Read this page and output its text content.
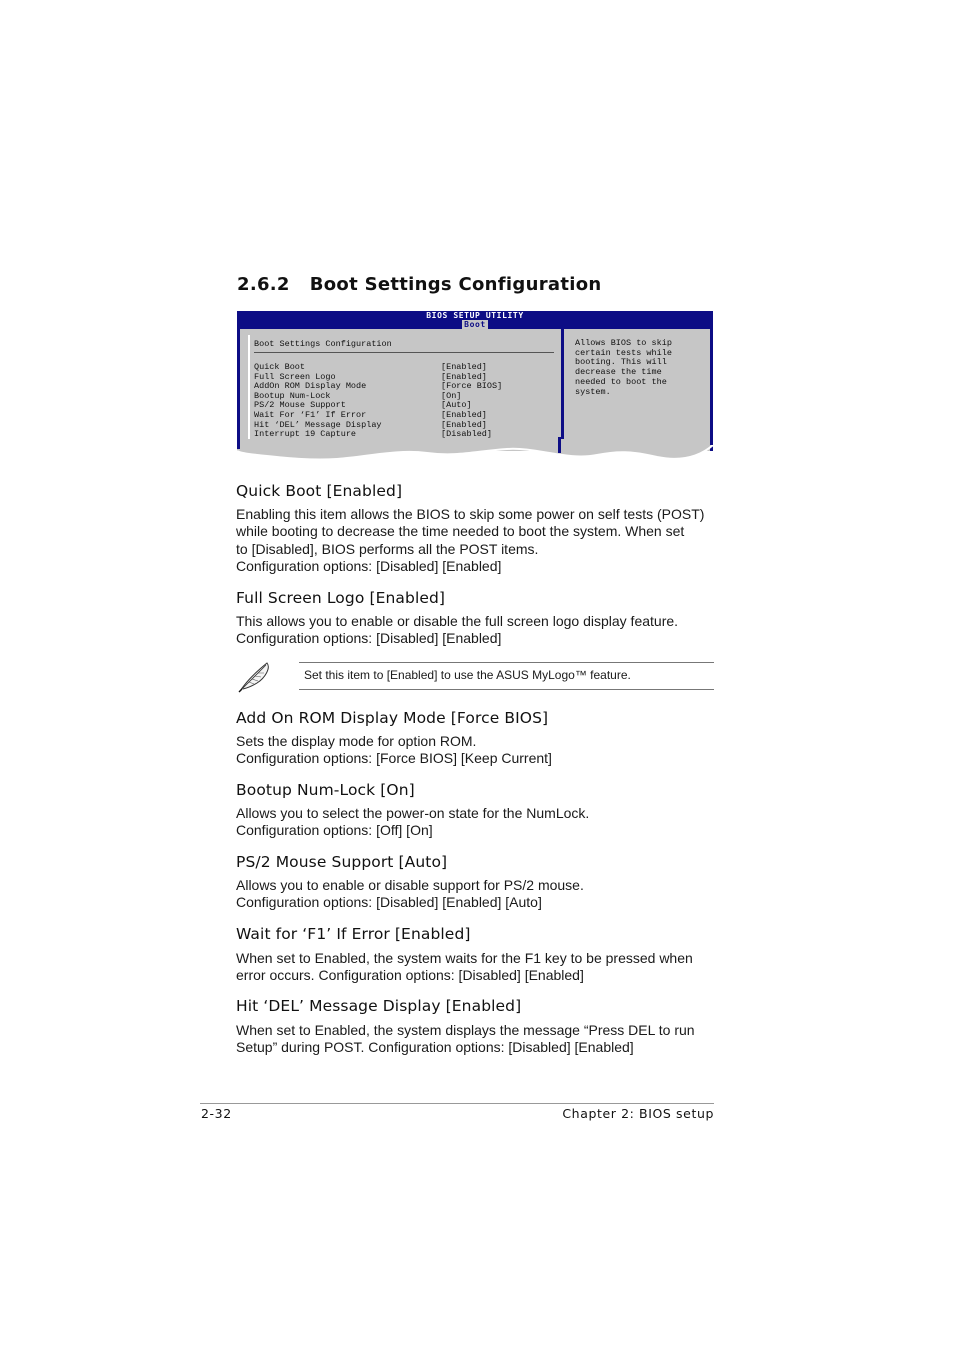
2.6.2 Boot Settings Configuration
BIOS SETUP UTILITY
Boot
Boot Settings Configuration
Quick Boot	[Enabled]
Full Screen Logo	[Enabled]
AddOn ROM Display Mode	[Force BIOS]
Bootup Num-Lock	[On]
PS/2 Mouse Support	[Auto]
Wait For ‘F1’ If Error	[Enabled]
Hit ‘DEL’ Message Display	[Enabled]
Interrupt 19 Capture	[Disabled]
Allows BIOS to skip
certain tests while
booting. This will
decrease the time
needed to boot the
system.
Quick Boot [Enabled]
Enabling this item allows the BIOS to skip some power on self tests (POST)
while booting to decrease the time needed to boot the system. When set
to [Disabled], BIOS performs all the POST items.
Configuration options: [Disabled] [Enabled]
Full Screen Logo [Enabled]
This allows you to enable or disable the full screen logo display feature.
Configuration options: [Disabled] [Enabled]
Set this item to [Enabled] to use the ASUS MyLogo™ feature.
Add On ROM Display Mode [Force BIOS]
Sets the display mode for option ROM.
Configuration options: [Force BIOS] [Keep Current]
Bootup Num-Lock [On]
Allows you to select the power-on state for the NumLock.
Configuration options: [Off] [On]
PS/2 Mouse Support [Auto]
Allows you to enable or disable support for PS/2 mouse.
Configuration options: [Disabled] [Enabled] [Auto]
Wait for ‘F1’ If Error [Enabled]
When set to Enabled, the system waits for the F1 key to be pressed when
error occurs. Configuration options: [Disabled] [Enabled]
Hit ‘DEL’ Message Display [Enabled]
When set to Enabled, the system displays the message “Press DEL to run
Setup” during POST. Configuration options: [Disabled] [Enabled]
2-32	Chapter 2: BIOS setup
